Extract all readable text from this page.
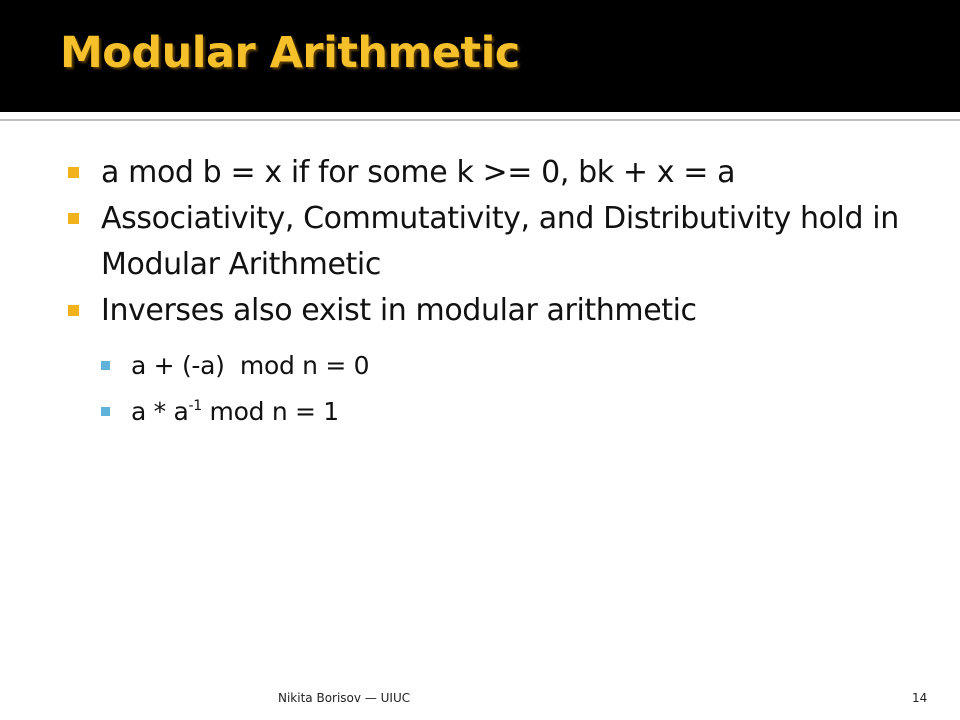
Modular Arithmetic
a mod b = x if for some k >= 0, bk + x = a
Associativity, Commutativity, and Distributivity hold in Modular Arithmetic
Inverses also exist in modular arithmetic
a + (-a)  mod n = 0
a * $a^{-1}$ mod n = 1
Nikita Borisov — UIUC	14
